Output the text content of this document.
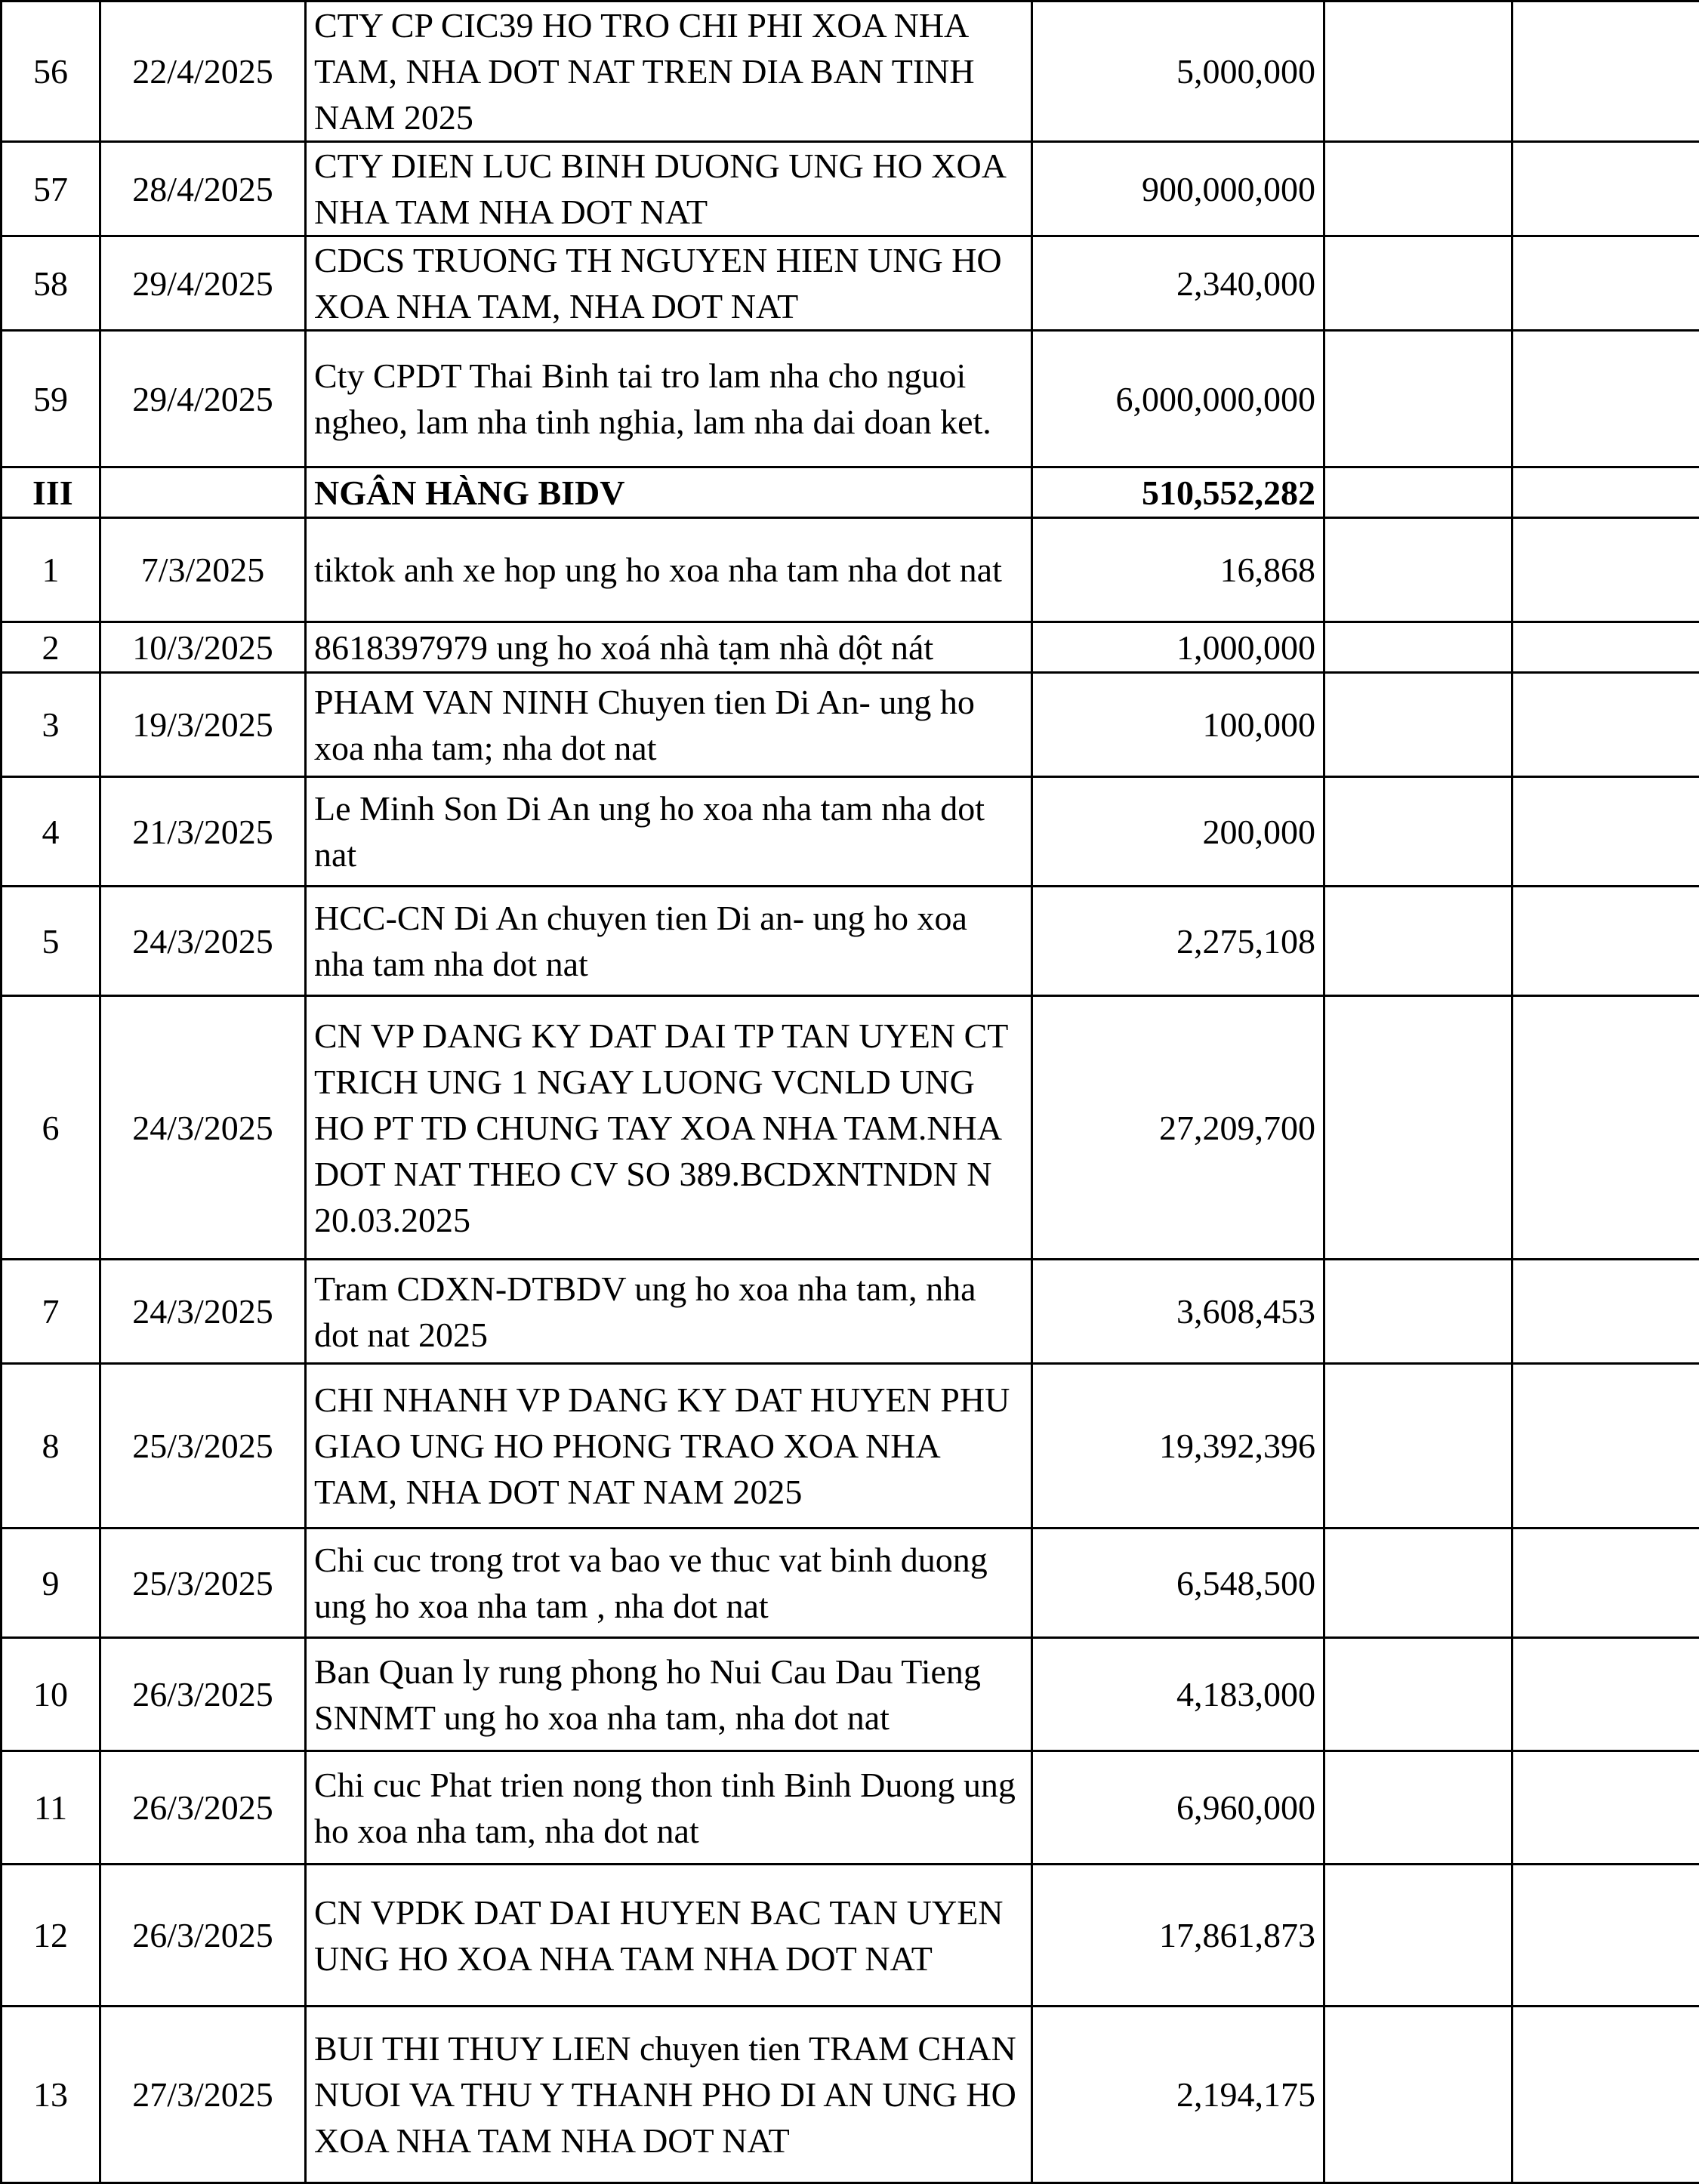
56	22/4/2025	CTY CP CIC39 HO TRO CHI PHI XOA NHA TAM, NHA DOT NAT TREN DIA BAN TINH NAM 2025	5,000,000		
57	28/4/2025	CTY DIEN LUC BINH DUONG UNG HO XOA NHA TAM NHA DOT NAT	900,000,000		
58	29/4/2025	CDCS TRUONG TH NGUYEN HIEN UNG HO XOA NHA TAM, NHA DOT NAT	2,340,000		
59	29/4/2025	Cty CPDT Thai Binh tai tro lam nha cho nguoi ngheo, lam nha tinh nghia, lam nha dai doan ket.	6,000,000,000		
III		NGÂN HÀNG BIDV	510,552,282		
1	7/3/2025	tiktok anh xe hop ung ho xoa nha tam nha dot nat	16,868		
2	10/3/2025	8618397979 ung ho xoá nhà tạm nhà dột nát	1,000,000		
3	19/3/2025	PHAM VAN NINH Chuyen tien Di An- ung ho xoa nha tam; nha dot nat	100,000		
4	21/3/2025	Le Minh Son Di An ung ho xoa nha tam nha dot nat	200,000		
5	24/3/2025	HCC-CN Di An chuyen tien Di an- ung ho xoa nha tam nha dot nat	2,275,108		
6	24/3/2025	CN VP DANG KY DAT DAI TP TAN UYEN CT TRICH UNG 1 NGAY LUONG VCNLD UNG HO PT TD CHUNG TAY XOA NHA TAM.NHA DOT NAT THEO CV SO 389.BCDXNTNDN N 20.03.2025	27,209,700		
7	24/3/2025	Tram CDXN-DTBDV ung ho xoa nha tam, nha dot nat 2025	3,608,453		
8	25/3/2025	CHI NHANH VP DANG KY DAT HUYEN PHU GIAO UNG HO PHONG TRAO XOA NHA TAM, NHA DOT NAT NAM 2025	19,392,396		
9	25/3/2025	Chi cuc trong trot va bao ve thuc vat binh duong ung ho xoa nha tam , nha dot nat	6,548,500		
10	26/3/2025	Ban Quan ly rung phong ho Nui Cau Dau Tieng SNNMT ung ho xoa nha tam, nha dot nat	4,183,000		
11	26/3/2025	Chi cuc Phat trien nong thon tinh Binh Duong ung ho xoa nha tam, nha dot nat	6,960,000		
12	26/3/2025	CN VPDK DAT DAI HUYEN BAC TAN UYEN UNG HO XOA NHA TAM NHA DOT NAT	17,861,873		
13	27/3/2025	BUI THI THUY LIEN chuyen tien TRAM CHAN NUOI VA THU Y THANH PHO DI AN UNG HO XOA NHA TAM NHA DOT NAT	2,194,175		
